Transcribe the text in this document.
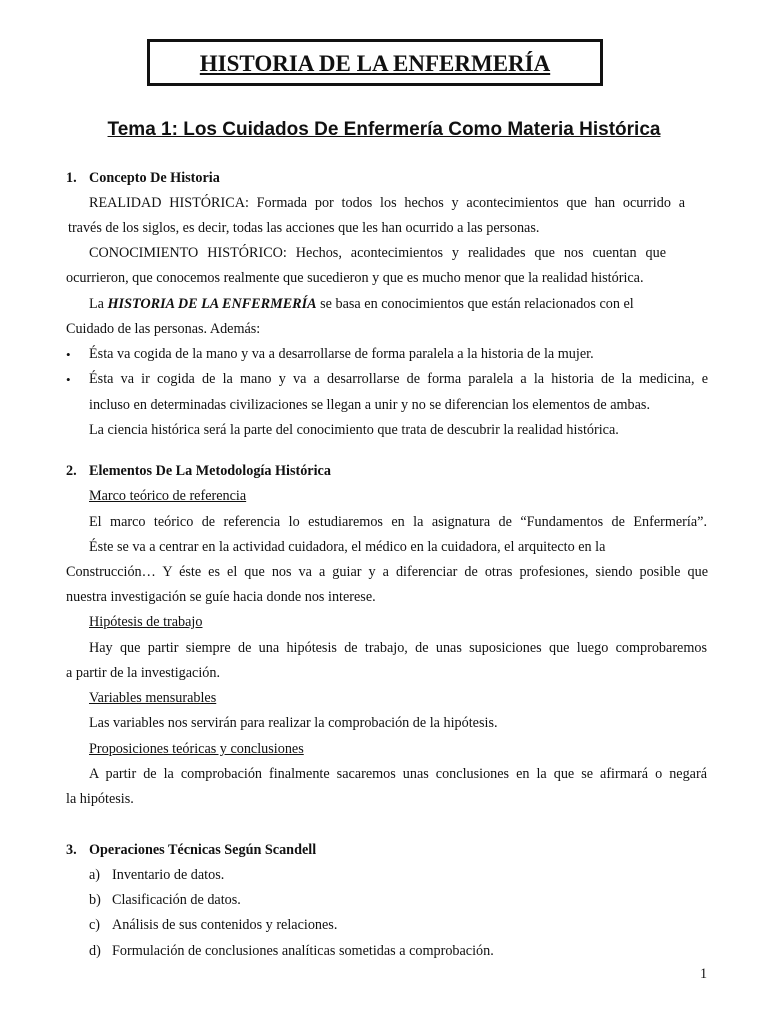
HISTORIA DE LA ENFERMERÍA
Tema 1: Los Cuidados De Enfermería Como Materia Histórica
1. Concepto De Historia
REALIDAD HISTÓRICA: Formada por todos los hechos y acontecimientos que han ocurrido a
través de los siglos, es decir, todas las acciones que les han ocurrido a las personas.
CONOCIMIENTO HISTÓRICO: Hechos, acontecimientos y realidades que nos cuentan que
ocurrieron, que conocemos realmente que sucedieron y que es mucho menor que la realidad histórica.
La HISTORIA DE LA ENFERMERÍA se basa en conocimientos que están relacionados con el
Cuidado de las personas. Además:
• Ésta va cogida de la mano y va a desarrollarse de forma paralela a la historia de la mujer.
• Ésta va ir cogida de la mano y va a desarrollarse de forma paralela a la historia de la medicina, e
incluso en determinadas civilizaciones se llegan a unir y no se diferencian los elementos de ambas.
La ciencia histórica será la parte del conocimiento que trata de descubrir la realidad histórica.
2. Elementos De La Metodología Histórica
Marco teórico de referencia
El marco teórico de referencia lo estudiaremos en la asignatura de “Fundamentos de Enfermería”.
Éste se va a centrar en la actividad cuidadora, el médico en la cuidadora, el arquitecto en la
Construcción… Y éste es el que nos va a guiar y a diferenciar de otras profesiones, siendo posible que
nuestra investigación se guíe hacia donde nos interese.
Hipótesis de trabajo
Hay que partir siempre de una hipótesis de trabajo, de unas suposiciones que luego comprobaremos
a partir de la investigación.
Variables mensurables
Las variables nos servirán para realizar la comprobación de la hipótesis.
Proposiciones teóricas y conclusiones
A partir de la comprobación finalmente sacaremos unas conclusiones en la que se afirmará o negará
la hipótesis.
3. Operaciones Técnicas Según Scandell
a) Inventario de datos.
b) Clasificación de datos.
c) Análisis de sus contenidos y relaciones.
d) Formulación de conclusiones analíticas sometidas a comprobación.
1
